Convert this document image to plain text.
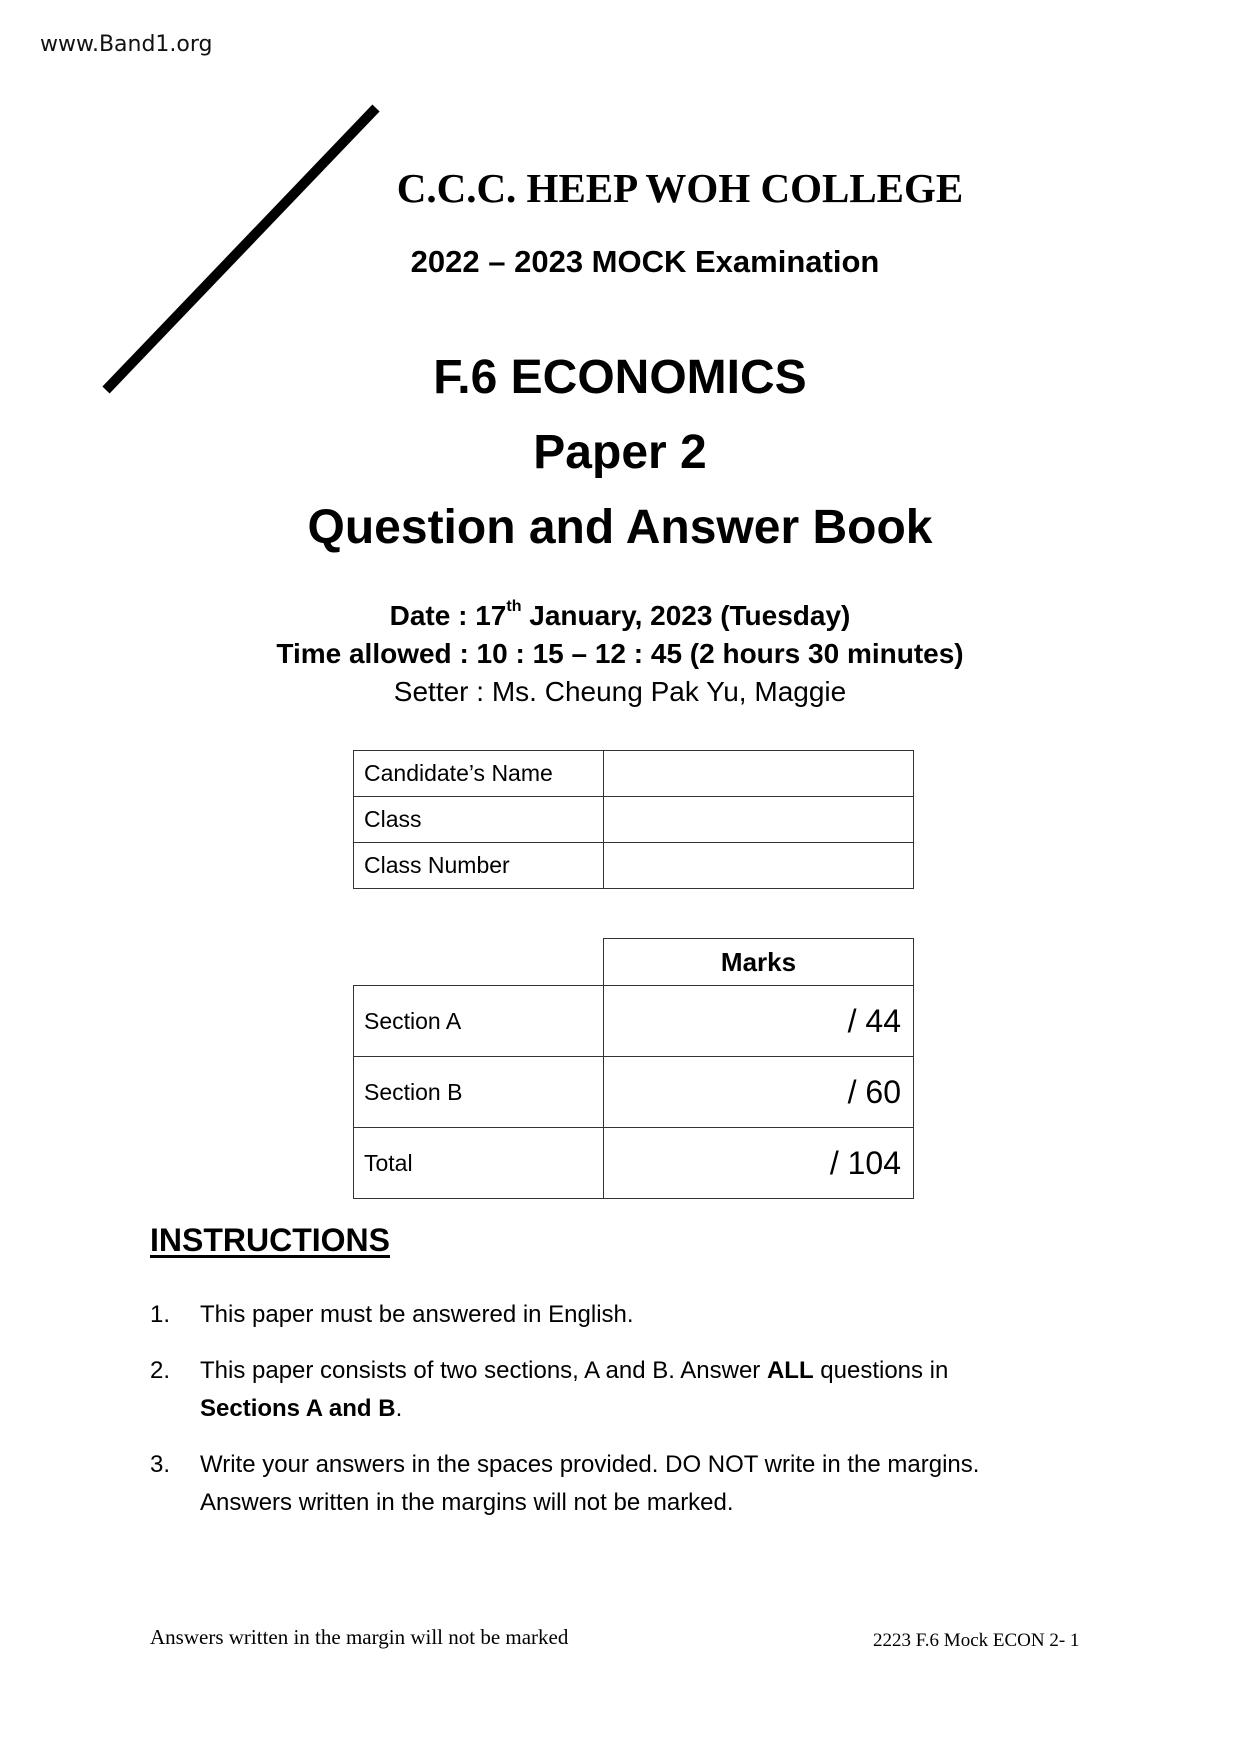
www.Band1.org
C.C.C. HEEP WOH COLLEGE
2022 – 2023 MOCK Examination
F.6 ECONOMICS
Paper 2
Question and Answer Book
Date : 17th January, 2023 (Tuesday)
Time allowed : 10 : 15 – 12 : 45 (2 hours 30 minutes)
Setter : Ms. Cheung Pak Yu, Maggie
Candidate’s Name	
Class	
Class Number	
	Marks
Section A	/ 44
Section B	/ 60
Total	/ 104
INSTRUCTIONS
1.	This paper must be answered in English.
2.	This paper consists of two sections, A and B. Answer ALL questions in
Sections A and B.
3.	Write your answers in the spaces provided. DO NOT write in the margins. Answers written in the margins will not be marked.
Answers written in the margin will not be marked	2223 F.6 Mock ECON 2- 1
